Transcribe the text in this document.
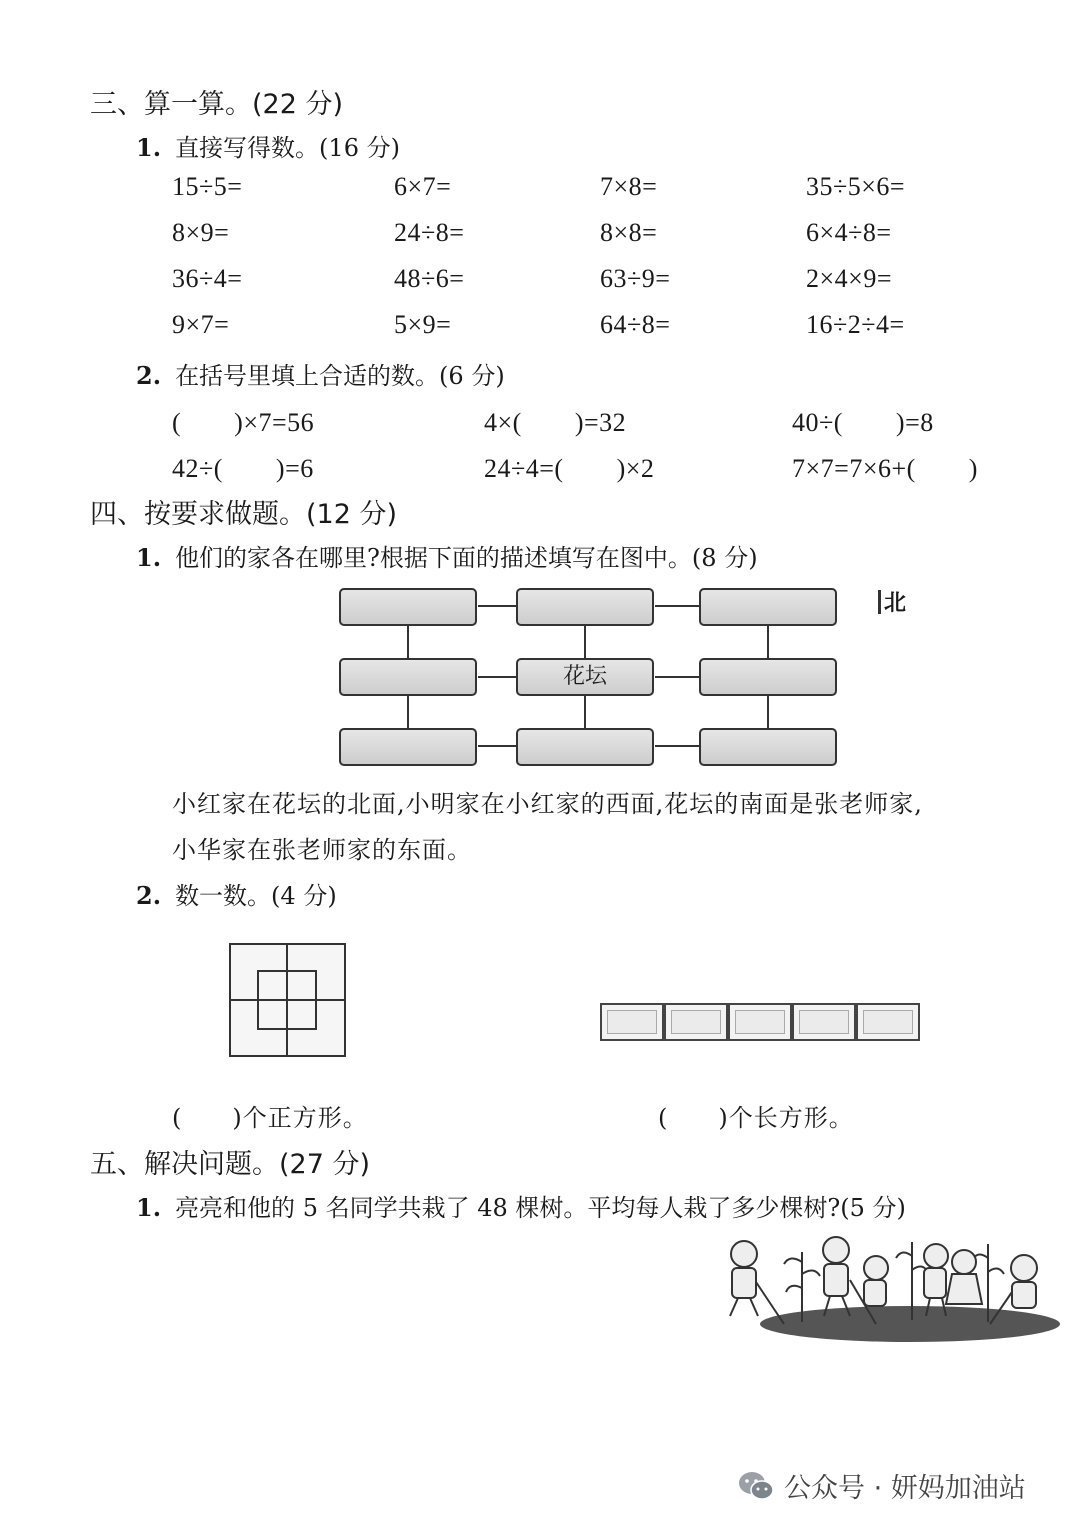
三、算一算。(22 分)
1. 直接写得数。(16 分)
15÷5=	6×7=	7×8=	35÷5×6=
8×9=	24÷8=	8×8=	6×4÷8=
36÷4=	48÷6=	63÷9=	2×4×9=
9×7=	5×9=	64÷8=	16÷2÷4=
2. 在括号里填上合适的数。(6 分)
(　　)×7=56	4×(　　)=32	40÷(　　)=8
42÷(　　)=6	24÷4=(　　)×2	7×7=7×6+(　　)
四、按要求做题。(12 分)
1. 他们的家各在哪里?根据下面的描述填写在图中。(8 分)
花坛
北
小红家在花坛的北面,小明家在小红家的西面,花坛的南面是张老师家,
小华家在张老师家的东面。
2. 数一数。(4 分)
(　　)个正方形。	(　　)个长方形。
五、解决问题。(27 分)
1. 亮亮和他的 5 名同学共栽了 48 棵树。平均每人栽了多少棵树?(5 分)
公众号 · 妍妈加油站
